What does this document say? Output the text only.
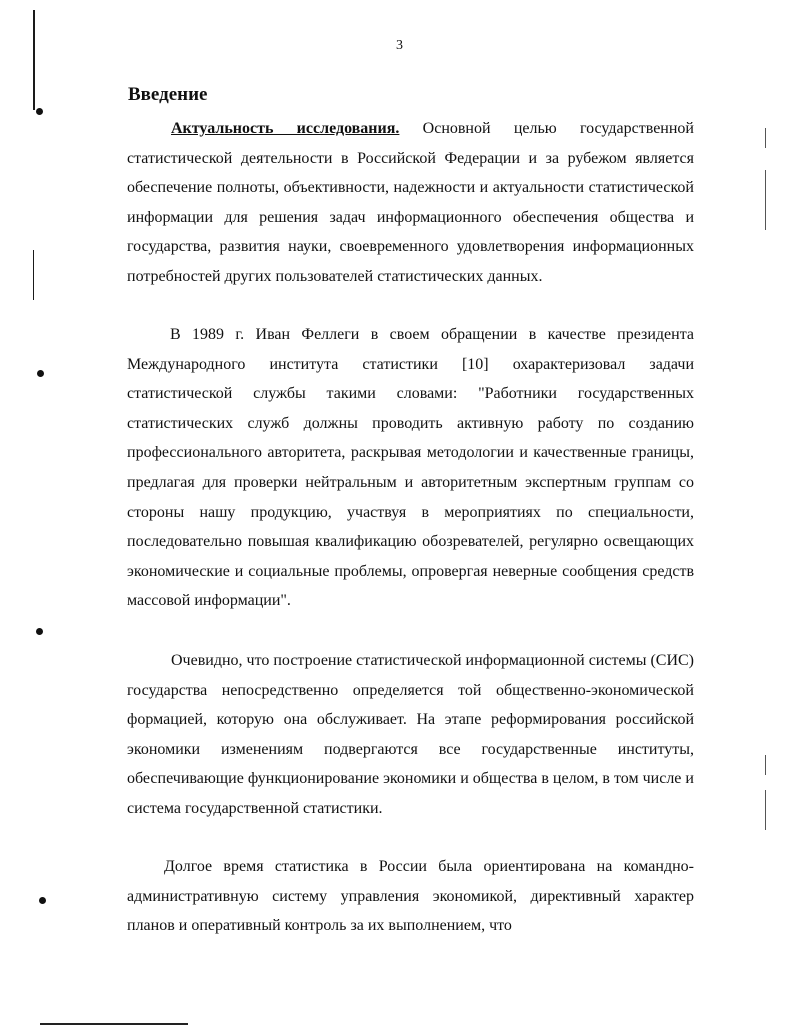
3
Введение

Актуальность исследования. Основной целью государственной статистической деятельности в Российской Федерации и за рубежом является обеспечение полноты, объективности, надежности и актуальности статистической информации для решения задач информационного обеспечения общества и государства, развития науки, своевременного удовлетворения информационных потребностей других пользователей статистических данных.

В 1989 г. Иван Феллеги в своем обращении в качестве президента Международного института статистики [10] охарактеризовал задачи статистической службы такими словами: "Работники государственных статистических служб должны проводить активную работу по созданию профессионального авторитета, раскрывая методологии и качественные границы, предлагая для проверки нейтральным и авторитетным экспертным группам со стороны нашу продукцию, участвуя в мероприятиях по специальности, последовательно повышая квалификацию обозревателей, регулярно освещающих экономические и социальные проблемы, опровергая неверные сообщения средств массовой информации".

Очевидно, что построение статистической информационной системы (СИС) государства непосредственно определяется той общественно-экономической формацией, которую она обслуживает. На этапе реформирования российской экономики изменениям подвергаются все государственные институты, обеспечивающие функционирование экономики и общества в целом, в том числе и система государственной статистики.

Долгое время статистика в России была ориентирована на командно-административную систему управления экономикой, директивный характер планов и оперативный контроль за их выполнением, что
